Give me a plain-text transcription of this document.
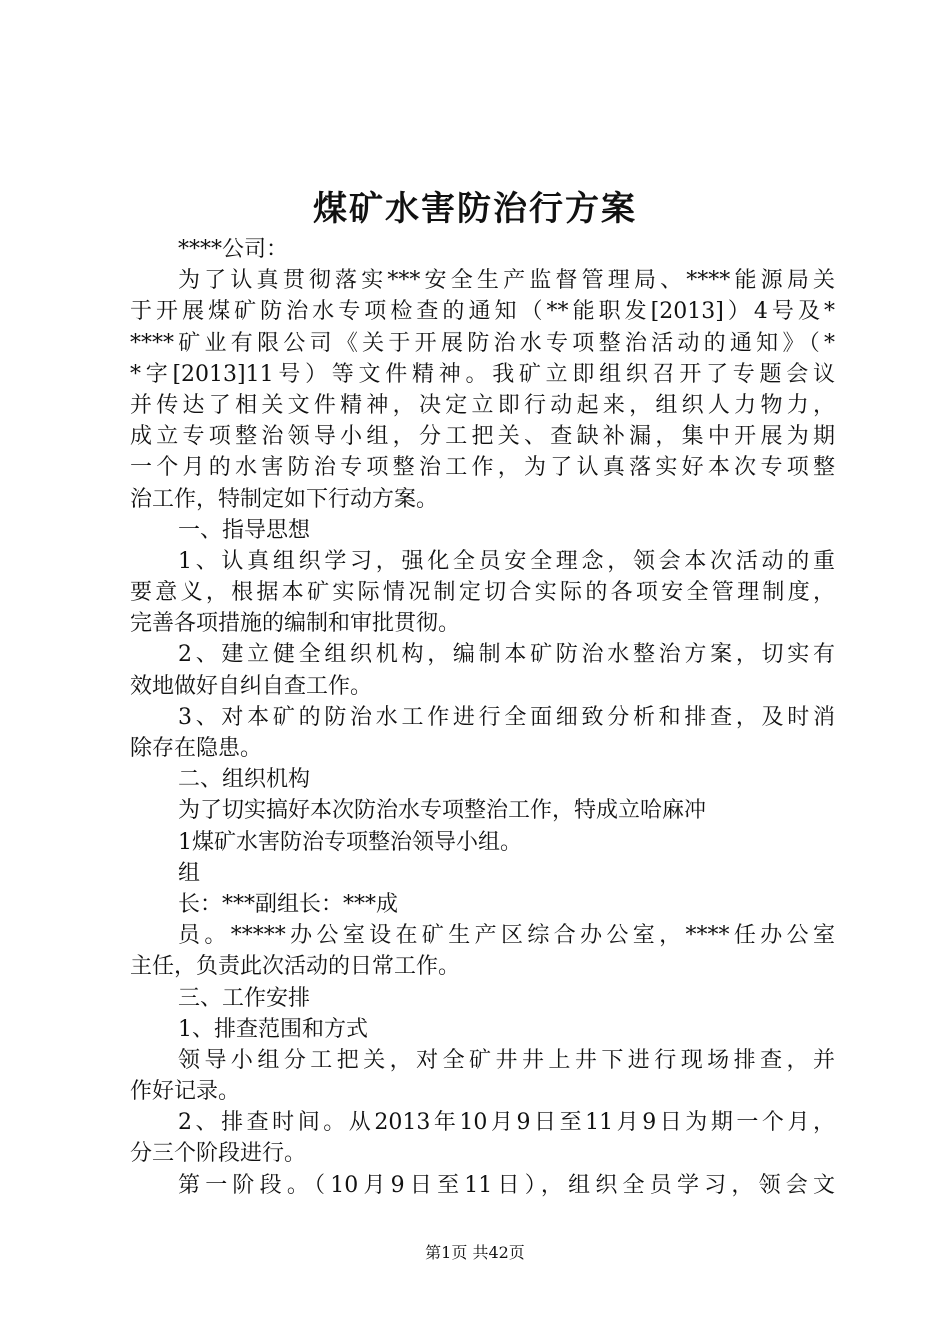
煤矿水害防治行方案
****公司：
为了认真贯彻落实***安全生产监督管理局、****能源局关
于开展煤矿防治水专项检查的通知（**能职发[2013]）4号及*
****矿业有限公司《关于开展防治水专项整治活动的通知》（*
*字[2013]11号）等文件精神。我矿立即组织召开了专题会议
并传达了相关文件精神，决定立即行动起来，组织人力物力，
成立专项整治领导小组，分工把关、查缺补漏，集中开展为期
一个月的水害防治专项整治工作，为了认真落实好本次专项整
治工作，特制定如下行动方案。
一、指导思想
1、认真组织学习，强化全员安全理念，领会本次活动的重
要意义，根据本矿实际情况制定切合实际的各项安全管理制度，
完善各项措施的编制和审批贯彻。
2、建立健全组织机构，编制本矿防治水整治方案，切实有
效地做好自纠自查工作。
3、对本矿的防治水工作进行全面细致分析和排查，及时消
除存在隐患。
二、组织机构
为了切实搞好本次防治水专项整治工作，特成立哈麻冲
1煤矿水害防治专项整治领导小组。
组
长：***副组长：***成
员。*****办公室设在矿生产区综合办公室，****任办公室
主任，负责此次活动的日常工作。
三、工作安排
1、排查范围和方式
领导小组分工把关，对全矿井井上井下进行现场排查，并
作好记录。
2、排查时间。从2013年10月9日至11月9日为期一个月，
分三个阶段进行。
第一阶段。（10月9日至11日），组织全员学习，领会文
第1页 共42页
